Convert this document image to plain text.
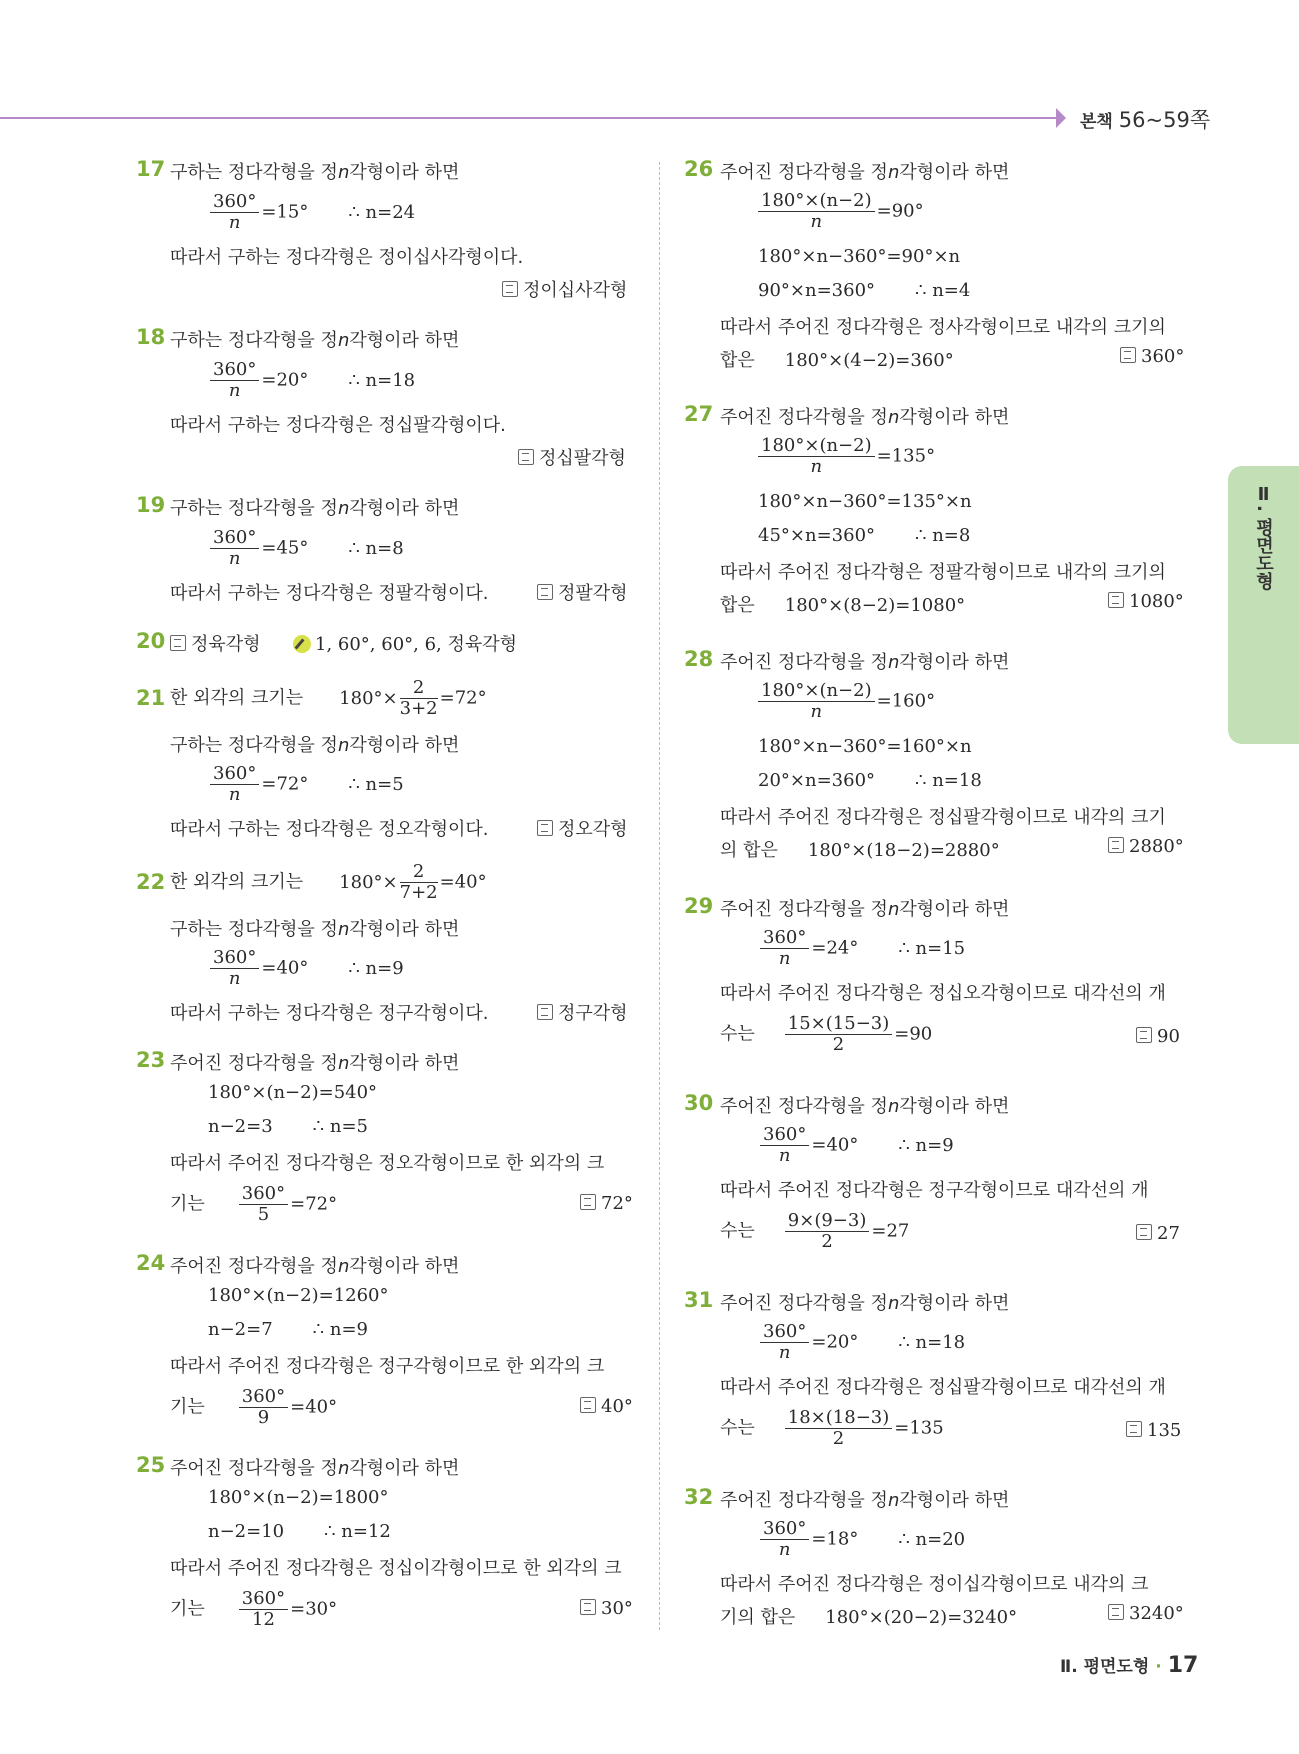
본책 56~59쪽
Ⅱ. 평면도형
17 구하는 정다각형을 정n각형이라 하면
$\frac{360^\circ}{n} =15^\circ$ ∴ n=24
따라서 구하는 정다각형은 정이십사각형이다.
정이십사각형
18 구하는 정다각형을 정n각형이라 하면
$\frac{360^\circ}{n} =20^\circ$ ∴ n=18
따라서 구하는 정다각형은 정십팔각형이다.
정십팔각형
19 구하는 정다각형을 정n각형이라 하면
$\frac{360^\circ}{n} =45^\circ$ ∴ n=8
따라서 구하는 정다각형은 정팔각형이다.	정팔각형
20	정육각형	1, 60°, 60°, 6, 정육각형
21 한 외각의 크기는 $180^\circ\times \frac{2}{3+2} =72^\circ$
구하는 정다각형을 정n각형이라 하면
$\frac{360^\circ}{n} =72^\circ$ ∴ n=5
따라서 구하는 정다각형은 정오각형이다.	정오각형
22 한 외각의 크기는 $180^\circ\times \frac{2}{7+2} =40^\circ$
구하는 정다각형을 정n각형이라 하면
$\frac{360^\circ}{n} =40^\circ$ ∴ n=9
따라서 구하는 정다각형은 정구각형이다.	정구각형
23 주어진 정다각형을 정n각형이라 하면
180°×(n−2)=540°
n−2=3 ∴ n=5
따라서 주어진 정다각형은 정오각형이므로 한 외각의 크
기는 $\frac{360^\circ}{5} =72^\circ$	72°
24 주어진 정다각형을 정n각형이라 하면
180°×(n−2)=1260°
n−2=7 ∴ n=9
따라서 주어진 정다각형은 정구각형이므로 한 외각의 크
기는 $\frac{360^\circ}{9} =40^\circ$	40°
25 주어진 정다각형을 정n각형이라 하면
180°×(n−2)=1800°
n−2=10 ∴ n=12
따라서 주어진 정다각형은 정십이각형이므로 한 외각의 크
기는 $\frac{360^\circ}{12} =30^\circ$	30°
26 주어진 정다각형을 정n각형이라 하면
$\frac{180^\circ\times(n-2)}{n} =90^\circ$
180°×n−360°=90°×n
90°×n=360° ∴ n=4
따라서 주어진 정다각형은 정사각형이므로 내각의 크기의
합은 180°×(4−2)=360°	360°
27 주어진 정다각형을 정n각형이라 하면
$\frac{180^\circ\times(n-2)}{n} =135^\circ$
180°×n−360°=135°×n
45°×n=360° ∴ n=8
따라서 주어진 정다각형은 정팔각형이므로 내각의 크기의
합은 180°×(8−2)=1080°	1080°
28 주어진 정다각형을 정n각형이라 하면
$\frac{180^\circ\times(n-2)}{n} =160^\circ$
180°×n−360°=160°×n
20°×n=360° ∴ n=18
따라서 주어진 정다각형은 정십팔각형이므로 내각의 크기
의 합은 180°×(18−2)=2880°	2880°
29 주어진 정다각형을 정n각형이라 하면
$\frac{360^\circ}{n} =24^\circ$ ∴ n=15
따라서 주어진 정다각형은 정십오각형이므로 대각선의 개
수는 $\frac{15\times(15-3)}{2} =90$	90
30 주어진 정다각형을 정n각형이라 하면
$\frac{360^\circ}{n} =40^\circ$ ∴ n=9
따라서 주어진 정다각형은 정구각형이므로 대각선의 개
수는 $\frac{9\times(9-3)}{2} =27$	27
31 주어진 정다각형을 정n각형이라 하면
$\frac{360^\circ}{n} =20^\circ$ ∴ n=18
따라서 주어진 정다각형은 정십팔각형이므로 대각선의 개
수는 $\frac{18\times(18-3)}{2} =135$	135
32 주어진 정다각형을 정n각형이라 하면
$\frac{360^\circ}{n} =18^\circ$ ∴ n=20
따라서 주어진 정다각형은 정이십각형이므로 내각의 크
기의 합은 180°×(20−2)=3240°	3240°
Ⅱ. 평면도형 · 17
